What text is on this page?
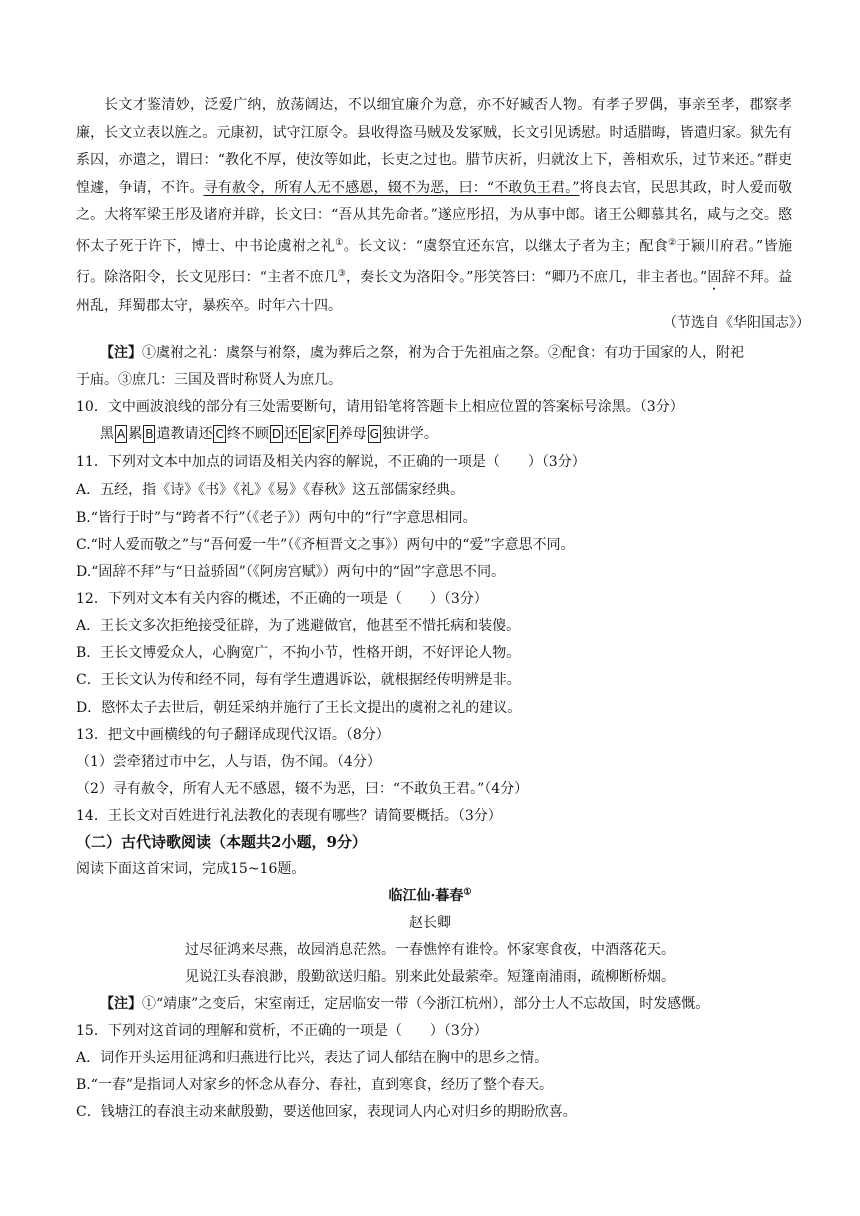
长文才鉴清妙，泛爱广纳，放荡阔达，不以细宜廉介为意，亦不好臧否人物。有孝子罗偶，事亲至孝，郡察孝廉，长文立表以旌之。元康初，试守江原令。县收得盗马贼及发冢贼，长文引见诱慰。时适腊晦，皆遣归家。狱先有系囚，亦遣之，谓曰：“教化不厚，使汝等如此，长吏之过也。腊节庆祈，归就汝上下，善相欢乐，过节来还。”群吏惶遽，争请，不许。寻有赦令，所宥人无不感恩，辍不为恶，曰：“不敢负王君。”将良去官，民思其政，时人爱而敬之。大将军梁王彤及诸府并辟，长文曰：“吾从其先命者。”遂应彤招，为从事中郎。诸王公卿慕其名，咸与之交。愍怀太子死于许下，博士、中书论虞祔之礼①。长文议：“虞祭宜还东宫，以继太子者为主；配食②于颍川府君。”皆施行。除洛阳令，长文见彤曰：“主者不庶几③，奏长文为洛阳令。”彤笑答曰：“卿乃不庶几，非主者也。”固辞不拜。益州乱，拜蜀郡太守，暴疾卒。时年六十四。

（节选自《华阳国志》）
【注】①虞祔之礼：虞祭与祔祭，虞为葬后之祭，祔为合于先祖庙之祭。②配食：有功于国家的人，附祀
于庙。③庶几：三国及晋时称贤人为庶几。
10．文中画波浪线的部分有三处需要断句，请用铅笔将答题卡上相应位置的答案标号涂黑。（3分）
黑 A 累 B 遣教请还 C 终不顾 D 还 E 家 F 养母 G 独讲学。
11．下列对文本中加点的词语及相关内容的解说，不正确的一项是（　　）（3分）
A．五经，指《诗》《书》《礼》《易》《春秋》这五部儒家经典。
B.“皆行于时”与“跨者不行”（《老子》）两句中的“行”字意思相同。
C.“时人爱而敬之”与“吾何爱一牛”（《齐桓晋文之事》）两句中的“爱”字意思不同。
D.“固辞不拜”与“日益骄固”（《阿房宫赋》）两句中的“固”字意思不同。
12．下列对文本有关内容的概述，不正确的一项是（　　）（3分）
A．王长文多次拒绝接受征辟，为了逃避做官，他甚至不惜托病和装傻。
B．王长文博爱众人，心胸宽广，不拘小节，性格开朗，不好评论人物。
C．王长文认为传和经不同，每有学生遭遇诉讼，就根据经传明辨是非。
D．愍怀太子去世后，朝廷采纳并施行了王长文提出的虞祔之礼的建议。
13．把文中画横线的句子翻译成现代汉语。（8分）
（1）尝牵猪过市中乞，人与语，伪不闻。（4分）
（2）寻有赦令，所宥人无不感恩，辍不为恶，曰：“不敢负王君。”（4分）
14．王长文对百姓进行礼法教化的表现有哪些？请简要概括。（3分）
（二）古代诗歌阅读（本题共2小题，9分）
阅读下面这首宋词，完成15~16题。
临江仙·暮春①
赵长卿
过尽征鸿来尽燕，故园消息茫然。一春憔悴有谁怜。怀家寒食夜，中酒落花天。
见说江头春浪渺，殷勤欲送归船。别来此处最萦牵。短篷南浦雨，疏柳断桥烟。
【注】①“靖康”之变后，宋室南迁，定居临安一带（今浙江杭州），部分士人不忘故国，时发感慨。
15．下列对这首词的理解和赏析，不正确的一项是（　　）（3分）
A．词作开头运用征鸿和归燕进行比兴，表达了词人郁结在胸中的思乡之情。
B.“一春”是指词人对家乡的怀念从春分、春社，直到寒食，经历了整个春天。
C．钱塘江的春浪主动来献殷勤，要送他回家，表现词人内心对归乡的期盼欣喜。
